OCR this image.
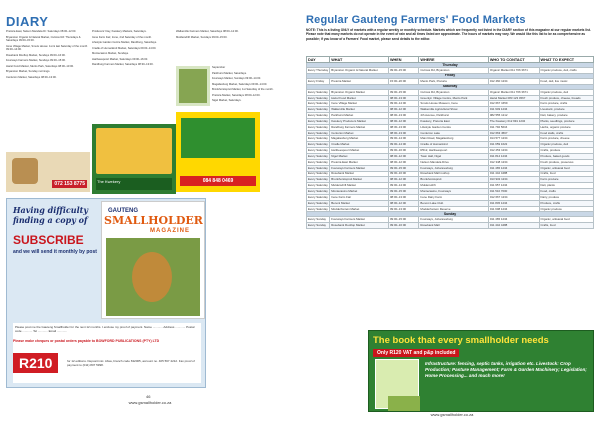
DIARY
Pretoria East, Nelson Mandela Dr: Saturdays 08:00–12:00.
Bryanston Organic & Natural Market, Culross Rd: Thursdays & Saturdays 09:00–15:00.
Irene Village Market, Smuts House: 1st & last Saturday of the month 09:00–14:00.
Rosebank Rooftop Market, Sundays 09:00–16:00.
Fourways Farmers Market, Sundays 09:00–15:00.
Hazel Food Market, Menlo Park, Saturdays 08:00–13:00.
Bryanston Market, Sunday mornings.
Centurion Market, Saturdays 08:00–13:00.
Producers' Day, Kwekery Markets, Saturdays.
Irene Farm Fair, Irene, 2nd Saturday of the month.
Lifestyle Garden Centre Market, Randburg, Saturdays.
Cradle of Humankind Market, Saturdays 09:00–14:00.
Montecasino Market, Sundays.
Hartbeespoort Market, Saturdays 09:00–16:00.
Randburg Farmers Market, Saturdays 08:30–13:00.
Walkerville Farmers Market, Saturdays 08:00–12:00.
Muldersdrift Market, Sundays 09:00–15:00.
September
Parkhurst Market, Saturdays.
Fourways Market, Sundays 09:00–14:00.
Magaliesburg Market, Saturdays 09:00–14:00.
Bronkhorstspruit Market, 1st Saturday of the month.
Pretoria Market, Saturdays 08:00–12:00.
Nigel Market, Saturdays.
072 153 8775	The Kwekery	084 848 0469
Having difficulty finding a copy of
SUBSCRIBE
and we will send it monthly by post
GAUTENG
SMALLHOLDER
MAGAZINE
Please post me the Gauteng Smallholder for the next 12 months. I enclose my proof of payment. Name ............ Address ............ Postal code ............ Tel ............ Email ............
Please make cheques or postal orders payable to BOWFORD PUBLICATIONS (PTY) LTD
R210	for 12 editions. Deposit into: Absa, branch code 632005, account no. 405 567 4212. Fax proof of payment to (011) 807 5998.
46
www.gsmallholder.co.za
Regular Gauteng Farmers' Food Markets
NOTE: This is a listing ONLY of markets with a regular weekly or monthly schedule. Markets which are frequently not listed in the DIARY section of this magazine at our regular markets list. Please note that many markets do not operate in the event of rain and all times listed are approximate. The hours of markets may vary. We would like this list to be as comprehensive as possible; if you know of a Farmers' Food market, please send details to the editor.
DAY	WHAT	WHEN	WHERE	WHO TO CONTACT	WHAT TO EXPECT
Thursday					
Every Thursday	Bryanston Organic & Natural Market	09:00–15:00	Culross Rd, Bryanston	Organic Market 011 706 3671	Organic produce, deli, crafts
Friday					
Every Friday	Pretoria Market	15:00–20:00	Menlo Park, Pretoria	012 460 1234	Food, deli, live music
Saturday					
Every Saturday	Bryanston Organic Market	09:00–15:00	Culross Rd, Bryanston	Organic Market 011 706 3671	Organic produce, deli
Every Saturday	Hazel Food Market	08:00–13:00	Greenlyn Village Centre, Menlo Park	Hazel Market 083 123 4567	Fresh produce, cheese, breads
Every Saturday	Irene Village Market	09:00–14:00	Smuts House Museum, Irene	012 667 1659	Farm produce, crafts
Every Saturday	Walkerville Market	08:00–12:00	Walkerville Agricultural Show	011 949 1234	Livestock, produce
Every Saturday	Parkhurst Market	08:00–13:00	4th Avenue, Parkhurst	082 555 1212	Deli, bakery, produce
Every Saturday	Kwekery Producers Market	08:00–12:00	Kwekery, Pretoria East	The Kwekery 012 991 1234	Plants, seedlings, produce
Every Saturday	Randburg Farmers Market	08:30–13:00	Lifestyle Garden Centre	011 792 5616	Herbs, organic produce
Every Saturday	Centurion Market	08:00–13:00	Centurion Lake	012 663 4567	Food stalls, crafts
Every Saturday	Magaliesburg Market	09:00–14:00	Main Road, Magaliesburg	014 577 1234	Farm produce, cheese
Every Saturday	Cradle Market	09:00–14:00	Cradle of Humankind	011 659 1622	Organic produce, deli
Every Saturday	Hartbeespoort Market	09:00–16:00	R512, Hartbeespoort	012 253 1234	Crafts, produce
Every Saturday	Nigel Market	08:00–12:00	Town Hall, Nigel	011 814 1234	Produce, baked goods
Every Saturday	Pretoria East Market	08:00–12:00	Nelson Mandela Drive	012 348 1234	Fresh produce, preserves
Every Saturday	Fourways Farmers Market	09:00–15:00	Fourways, Johannesburg	011 465 1234	Organic, artisanal food
Every Saturday	Rosebank Market	09:00–16:00	Rosebank Mall rooftop	011 442 4488	Crafts, food
Every Saturday	Bronkhorstspruit Market	08:00–12:00	Bronkhorstspruit	013 932 1234	Farm produce
Every Saturday	Muldersdrift Market	09:00–14:00	Muldersdrift	011 957 1234	Deli, plants
Every Saturday	Montecasino Market	09:00–15:00	Montecasino, Fourways	011 510 7000	Food, crafts
Every Saturday	Irene Farm Fair	08:00–13:00	Irene Dairy Farm	012 667 1234	Dairy, produce
Every Saturday	Benoni Market	08:00–12:00	Benoni Lake Club	011 845 1234	Produce, crafts
Every Saturday	Modderfontein Market	09:00–13:00	Modderfontein Reserve	011 608 1234	Organic produce
Sunday					
Every Sunday	Fourways Farmers Market	09:00–15:00	Fourways, Johannesburg	011 465 1234	Organic, artisanal food
Every Sunday	Rosebank Rooftop Market	09:00–16:00	Rosebank Mall	011 442 4488	Crafts, food
The book that every smallholder needs
Only R120 VAT and p&p included
Infrastructure: fencing, septic tanks, irrigation etc. Livestock: Crop Production; Pasture Management; Farm & Garden Machinery; Legislation; Home Processing... and much more!
www.gsmallholder.co.za
